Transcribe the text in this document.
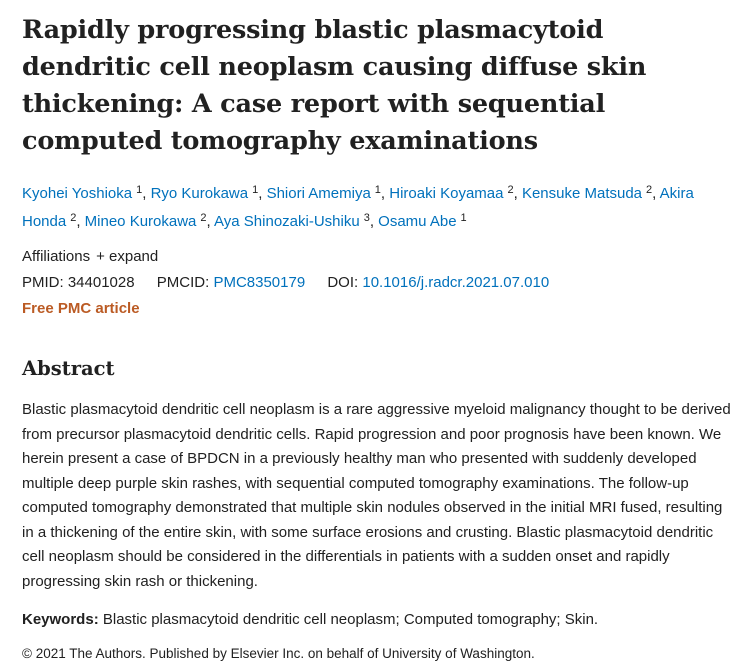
Rapidly progressing blastic plasmacytoid dendritic cell neoplasm causing diffuse skin thickening: A case report with sequential computed tomography examinations
Kyohei Yoshioka $^1$, Ryo Kurokawa $^1$, Shiori Amemiya $^1$, Hiroaki Koyamaa $^2$, Kensuke Matsuda $^2$, Akira Honda $^2$, Mineo Kurokawa $^2$, Aya Shinozaki-Ushiku $^3$, Osamu Abe $^1$
Affiliations + expand
PMID: 34401028 PMCID: PMC8350179 DOI: 10.1016/j.radcr.2021.07.010
Free PMC article
Abstract

Blastic plasmacytoid dendritic cell neoplasm is a rare aggressive myeloid malignancy thought to be derived from precursor plasmacytoid dendritic cells. Rapid progression and poor prognosis have been known. We herein present a case of BPDCN in a previously healthy man who presented with suddenly developed multiple deep purple skin rashes, with sequential computed tomography examinations. The follow-up computed tomography demonstrated that multiple skin nodules observed in the initial MRI fused, resulting in a thickening of the entire skin, with some surface erosions and crusting. Blastic plasmacytoid dendritic cell neoplasm should be considered in the differentials in patients with a sudden onset and rapidly progressing skin rash or thickening.

Keywords: Blastic plasmacytoid dendritic cell neoplasm; Computed tomography; Skin.
© 2021 The Authors. Published by Elsevier Inc. on behalf of University of Washington.
